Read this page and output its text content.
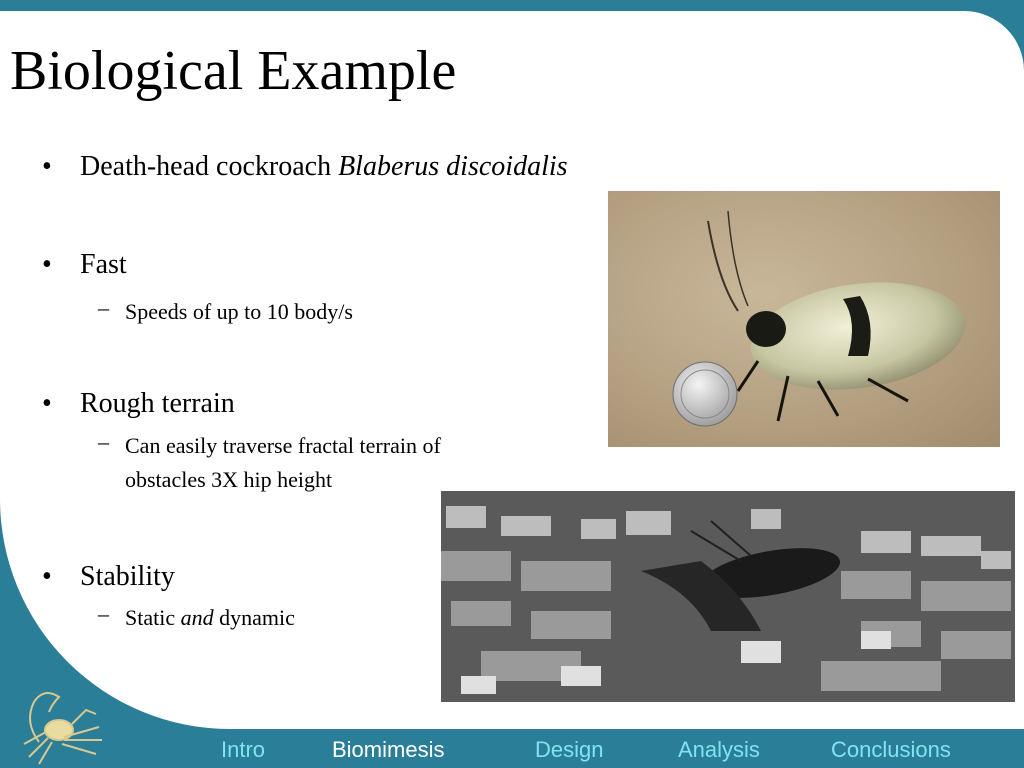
Biological Example
• Death-head cockroach Blaberus discoidalis
• Fast
– Speeds of up to 10 body/s
• Rough terrain
– Can easily traverse fractal terrain of
obstacles 3X hip height
• Stability
– Static and dynamic
Intro	Biomimesis	Design	Analysis	Conclusions
